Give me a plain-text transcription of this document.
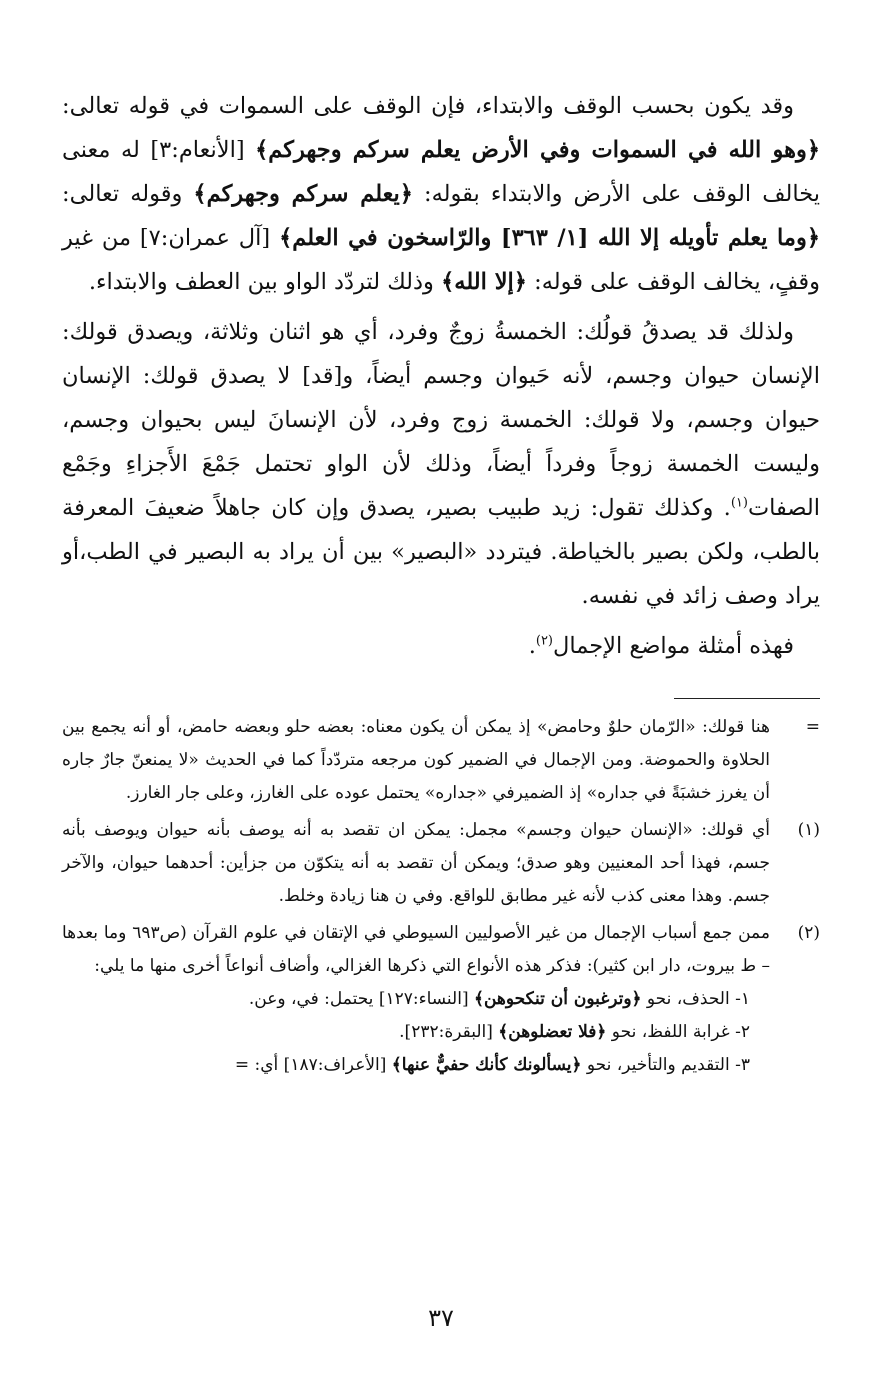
وقد يكون بحسب الوقف والابتداء، فإن الوقف على السموات في قوله تعالى: ﴿وهو الله في السموات وفي الأرض يعلم سركم وجهركم﴾ [الأنعام:٣] له معنى يخالف الوقف على الأرض والابتداء بقوله: ﴿يعلم سركم وجهركم﴾ وقوله تعالى: ﴿وما يعلم تأويله إلا الله [١/ ٣٦٣] والرّاسخون في العلم﴾ [آل عمران:٧] من غير وقفٍ، يخالف الوقف على قوله: ﴿إلا الله﴾ وذلك لتردّد الواو بين العطف والابتداء.

ولذلك قد يصدقُ قولُك: الخمسةُ زوجٌ وفرد، أي هو اثنان وثلاثة، ويصدق قولك: الإنسان حيوان وجسم، لأنه حَيوان وجسم أيضاً، و[قد] لا يصدق قولك: الإنسان حيوان وجسم، ولا قولك: الخمسة زوج وفرد، لأن الإنسانَ ليس بحيوان وجسم، وليست الخمسة زوجاً وفرداً أيضاً، وذلك لأن الواو تحتمل جَمْعَ الأَجزاءِ وجَمْع الصفات$^{(١)}$. وكذلك تقول: زيد طبيب بصير، يصدق وإن كان جاهلاً ضعيفَ المعرفة بالطب، ولكن بصير بالخياطة. فيتردد «البصير» بين أن يراد به البصير في الطب،أو يراد وصف زائد في نفسه.

فهذه أمثلة مواضع الإجمال$^{(٢)}$.

=

هنا قولك: «الرّمان حلوٌ وحامض» إذ يمكن أن يكون معناه: بعضه حلو وبعضه حامض، أو أنه يجمع بين الحلاوة والحموضة. ومن الإجمال في الضمير كون مرجعه متردّداً كما في الحديث «لا يمنعنّ جارٌ جاره أن يغرز خشبَةً في جداره» إذ الضميرفي «جداره» يحتمل عوده على الغارز، وعلى جار الغارز.

(١)

أي قولك: «الإنسان حيوان وجسم» مجمل: يمكن ان تقصد به أنه يوصف بأنه حيوان ويوصف بأنه جسم، فهذا أحد المعنيين وهو صدق؛ ويمكن أن تقصد به أنه يتكوّن من جزأين: أحدهما حيوان، والآخر جسم. وهذا معنى كذب لأنه غير مطابق للواقع. وفي ن هنا زيادة وخلط.

(٢)

ممن جمع أسباب الإجمال من غير الأصوليين السيوطي في الإتقان في علوم القرآن (ص٦٩٣ وما بعدها – ط بيروت، دار ابن كثير): فذكر هذه الأنواع التي ذكرها الغزالي، وأضاف أنواعاً أخرى منها ما يلي:

١- الحذف، نحو ﴿وترغبون أن تنكحوهن﴾ [النساء:١٢٧] يحتمل: في، وعن.
٢- غرابة اللفظ، نحو ﴿فلا تعضلوهن﴾ [البقرة:٢٣٢].
٣- التقديم والتأخير، نحو ﴿يسألونك كأنك حفيٌّ عنها﴾ [الأعراف:١٨٧] أي: =
٣٧
